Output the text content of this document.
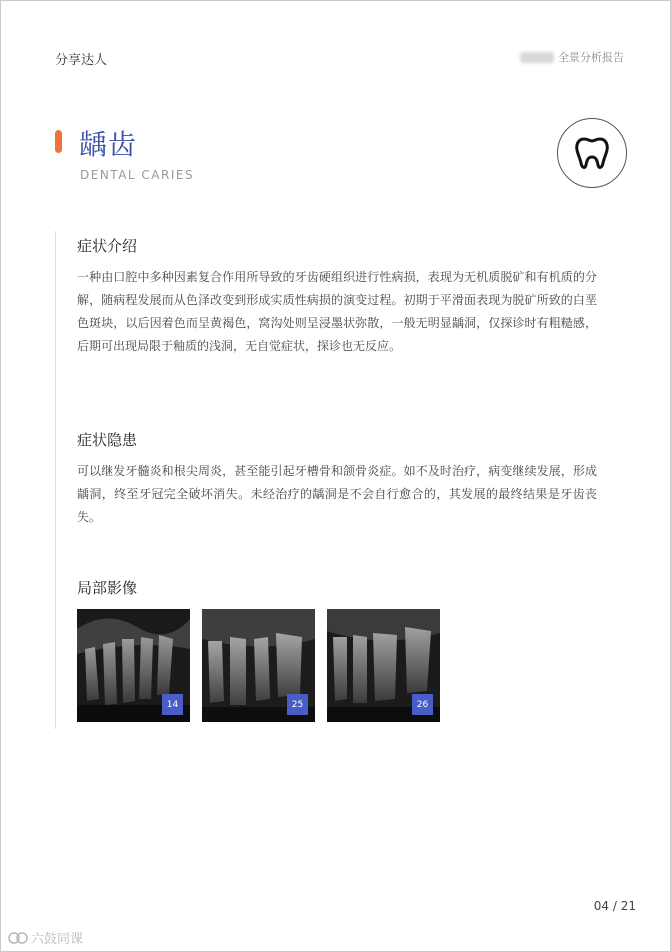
分享达人	全景分析报告
龋齿
DENTAL CARIES
症状介绍
一种由口腔中多种因素复合作用所导致的牙齿硬组织进行性病损，表现为无机质脱矿和有机质的分解，随病程发展而从色泽改变到形成实质性病损的演变过程。初期于平滑面表现为脱矿所致的白垩色斑块，以后因着色而呈黄褐色，窝沟处则呈浸墨状弥散，一般无明显龋洞，仅探诊时有粗糙感，后期可出现局限于釉质的浅洞，无自觉症状，探诊也无反应。
症状隐患
可以继发牙髓炎和根尖周炎，甚至能引起牙槽骨和颌骨炎症。如不及时治疗，病变继续发展，形成龋洞，终至牙冠完全破坏消失。未经治疗的龋洞是不会自行愈合的，其发展的最终结果是牙齿丧失。
局部影像
14	25	26
04 / 21
六鼓同课
